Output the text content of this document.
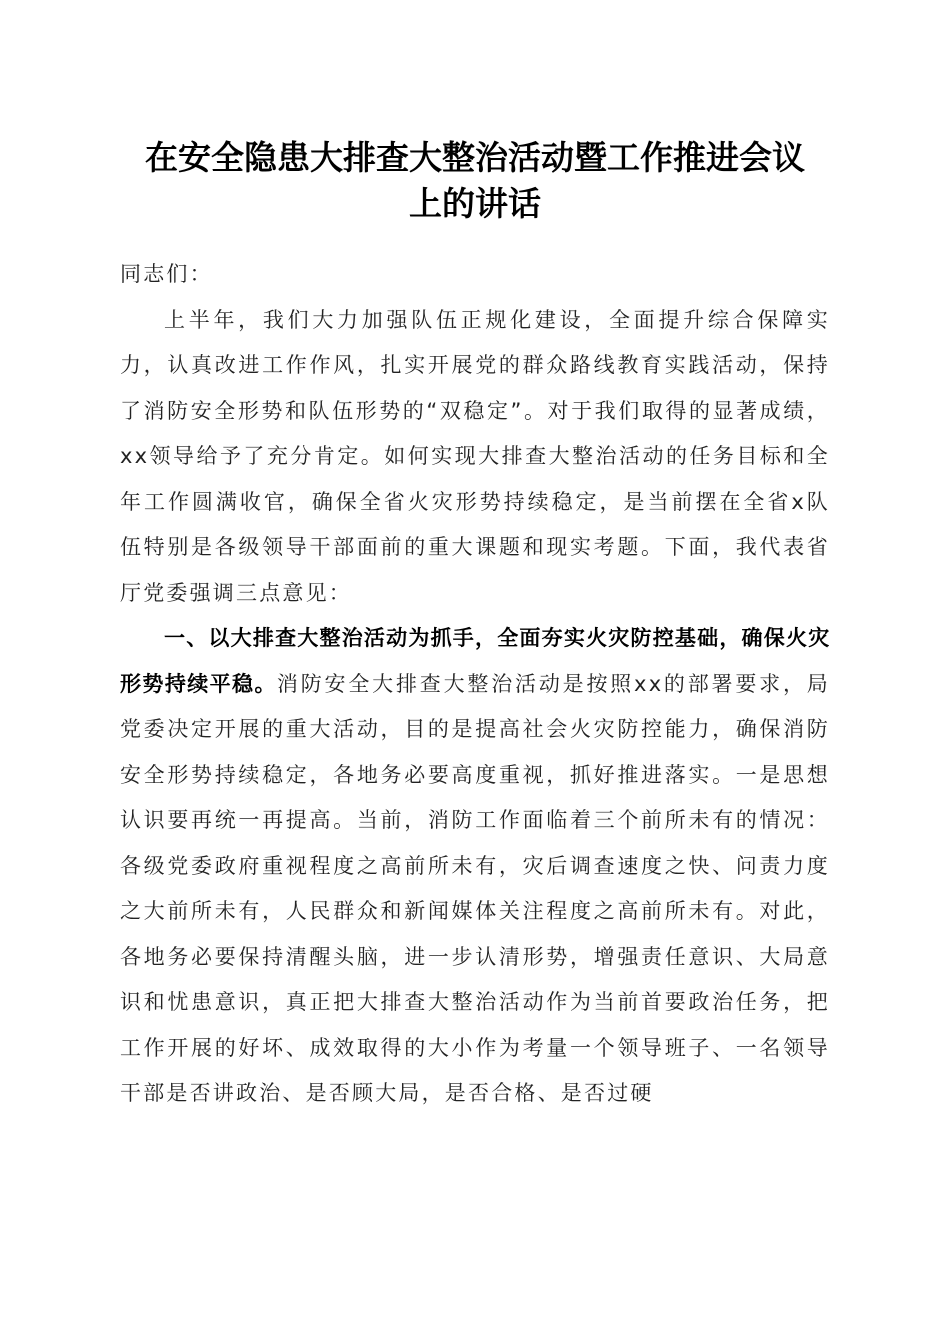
在安全隐患大排查大整治活动暨工作推进会议
上的讲话

同志们：

上半年，我们大力加强队伍正规化建设，全面提升综合保障实力，认真改进工作作风，扎实开展党的群众路线教育实践活动，保持了消防安全形势和队伍形势的“双稳定”。对于我们取得的显著成绩，xx领导给予了充分肯定。如何实现大排查大整治活动的任务目标和全年工作圆满收官，确保全省火灾形势持续稳定，是当前摆在全省x队伍特别是各级领导干部面前的重大课题和现实考题。下面，我代表省厅党委强调三点意见：

一、以大排查大整治活动为抓手，全面夯实火灾防控基础，确保火灾形势持续平稳。消防安全大排查大整治活动是按照xx的部署要求，局党委决定开展的重大活动，目的是提高社会火灾防控能力，确保消防安全形势持续稳定，各地务必要高度重视，抓好推进落实。一是思想认识要再统一再提高。当前，消防工作面临着三个前所未有的情况：各级党委政府重视程度之高前所未有，灾后调查速度之快、问责力度之大前所未有，人民群众和新闻媒体关注程度之高前所未有。对此，各地务必要保持清醒头脑，进一步认清形势，增强责任意识、大局意识和忧患意识，真正把大排查大整治活动作为当前首要政治任务，把工作开展的好坏、成效取得的大小作为考量一个领导班子、一名领导干部是否讲政治、是否顾大局，是否合格、是否过硬
